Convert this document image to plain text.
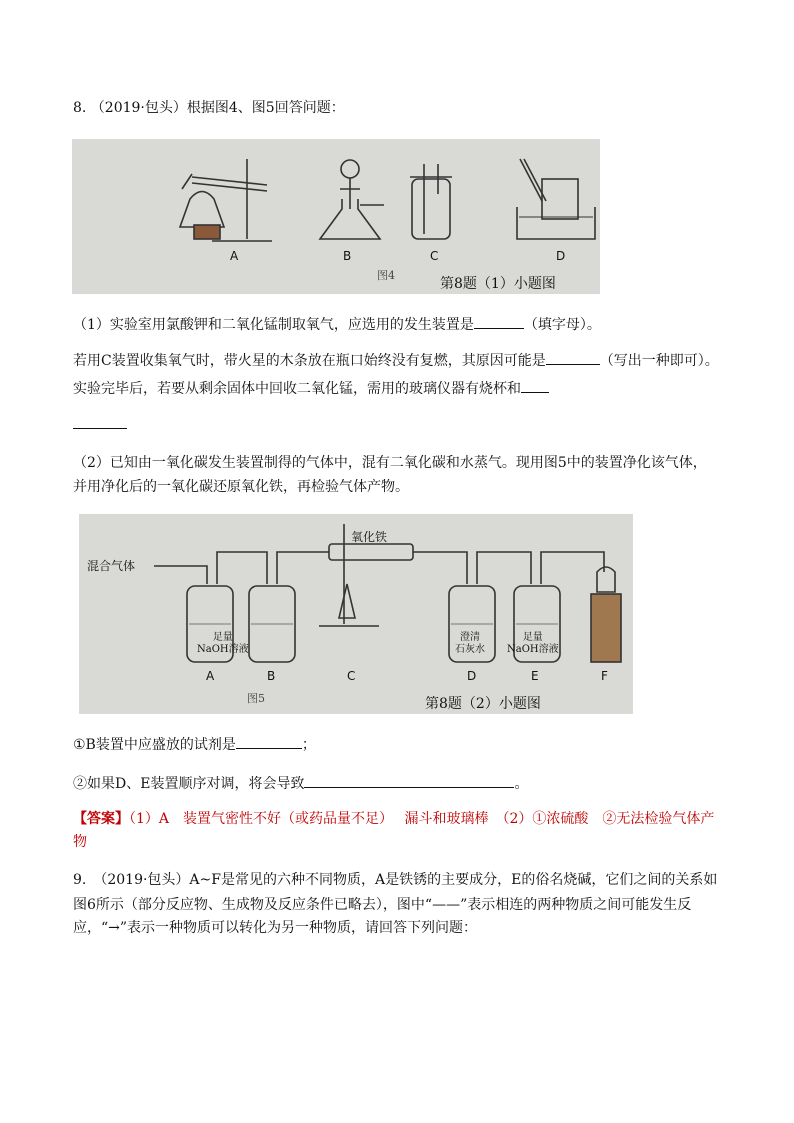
8. （2019·包头）根据图4、图5回答问题：
A	B	C	D
图4
第8题（1）小题图
（1）实验室用氯酸钾和二氧化锰制取氧气，应选用的发生装置是	（填字母）。
若用C装置收集氧气时，带火星的木条放在瓶口始终没有复燃，其原因可能是	（写出一种即可）。
实验完毕后，若要从剩余固体中回收二氧化锰，需用的玻璃仪器有烧杯和
（2）已知由一氧化碳发生装置制得的气体中，混有二氧化碳和水蒸气。现用图5中的装置净化该气体，
并用净化后的一氧化碳还原氧化铁，再检验气体产物。
混合气体
氧化铁
足量
NaOH溶液
澄清
石灰水
足量
NaOH溶液
A	B	C	D	E	F
图5	第8题（2）小题图
①B装置中应盛放的试剂是	；
②如果D、E装置顺序对调，将会导致	。
【答案】（1）A　装置气密性不好（或药品量不足）　 漏斗和玻璃棒　（2）①浓硫酸　②无法检验气体产
物
9.　（2019·包头）A~F是常见的六种不同物质，A是铁锈的主要成分，E的俗名烧碱，它们之间的关系如
图6所示（部分反应物、生成物及反应条件已略去），图中“——”表示相连的两种物质之间可能发生反
应，“→”表示一种物质可以转化为另一种物质，请回答下列问题：
